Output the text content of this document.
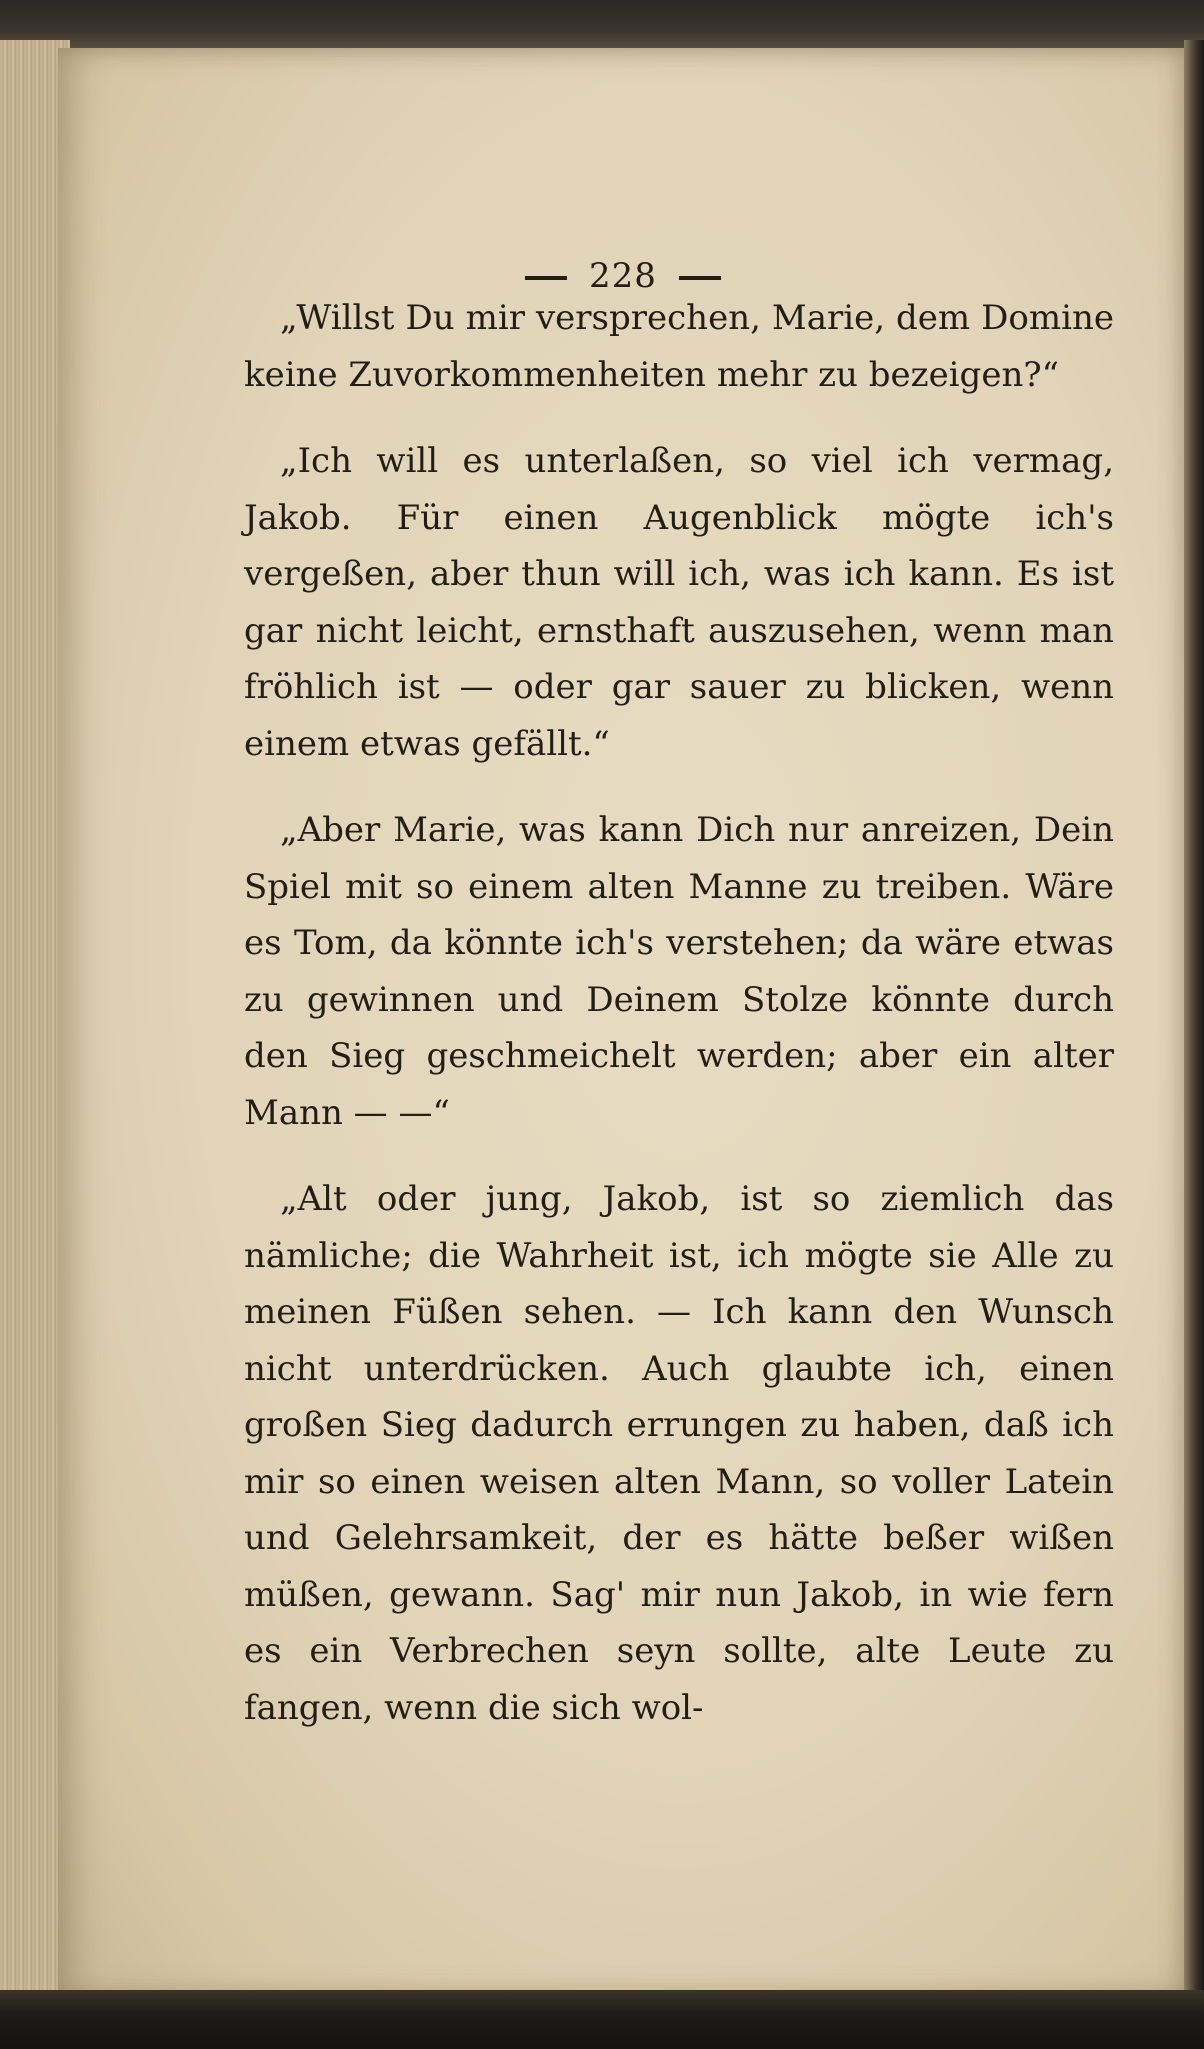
228

„Willst Du mir versprechen, Marie, dem Domine keine Zuvorkommenheiten mehr zu bezeigen?“

„Ich will es unterlaßen, so viel ich vermag, Jakob. Für einen Augenblick mögte ich's vergeßen, aber thun will ich, was ich kann. Es ist gar nicht leicht, ernsthaft auszusehen, wenn man fröhlich ist — oder gar sauer zu blicken, wenn einem etwas gefällt.“

„Aber Marie, was kann Dich nur anreizen, Dein Spiel mit so einem alten Manne zu treiben. Wäre es Tom, da könnte ich's verstehen; da wäre etwas zu gewinnen und Deinem Stolze könnte durch den Sieg geschmeichelt werden; aber ein alter Mann — —“

„Alt oder jung, Jakob, ist so ziemlich das nämliche; die Wahrheit ist, ich mögte sie Alle zu meinen Füßen sehen. — Ich kann den Wunsch nicht unterdrücken. Auch glaubte ich, einen großen Sieg dadurch errungen zu haben, daß ich mir so einen weisen alten Mann, so voller Latein und Gelehrsamkeit, der es hätte beßer wißen müßen, gewann. Sag' mir nun Jakob, in wie fern es ein Verbrechen seyn sollte, alte Leute zu fangen, wenn die sich wol-
